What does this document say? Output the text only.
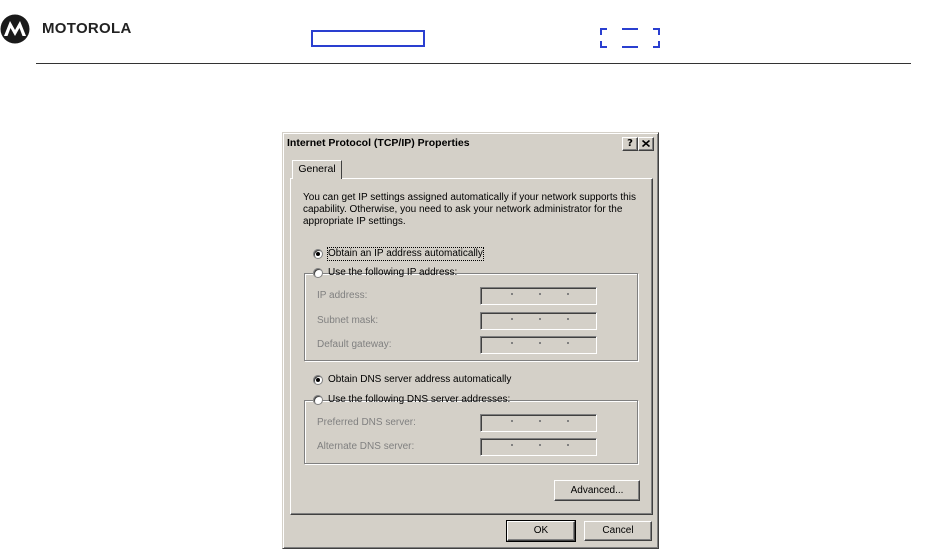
MOTOROLA
Internet Protocol (TCP/IP) Properties	?
General
You can get IP settings assigned automatically if your network supports this capability. Otherwise, you need to ask your network administrator for the appropriate IP settings.
Obtain an IP address automatically
Use the following IP address:
IP address:
Subnet mask:
Default gateway:
Obtain DNS server address automatically
Use the following DNS server addresses:
Preferred DNS server:
Alternate DNS server:
Advanced...
OK	Cancel
